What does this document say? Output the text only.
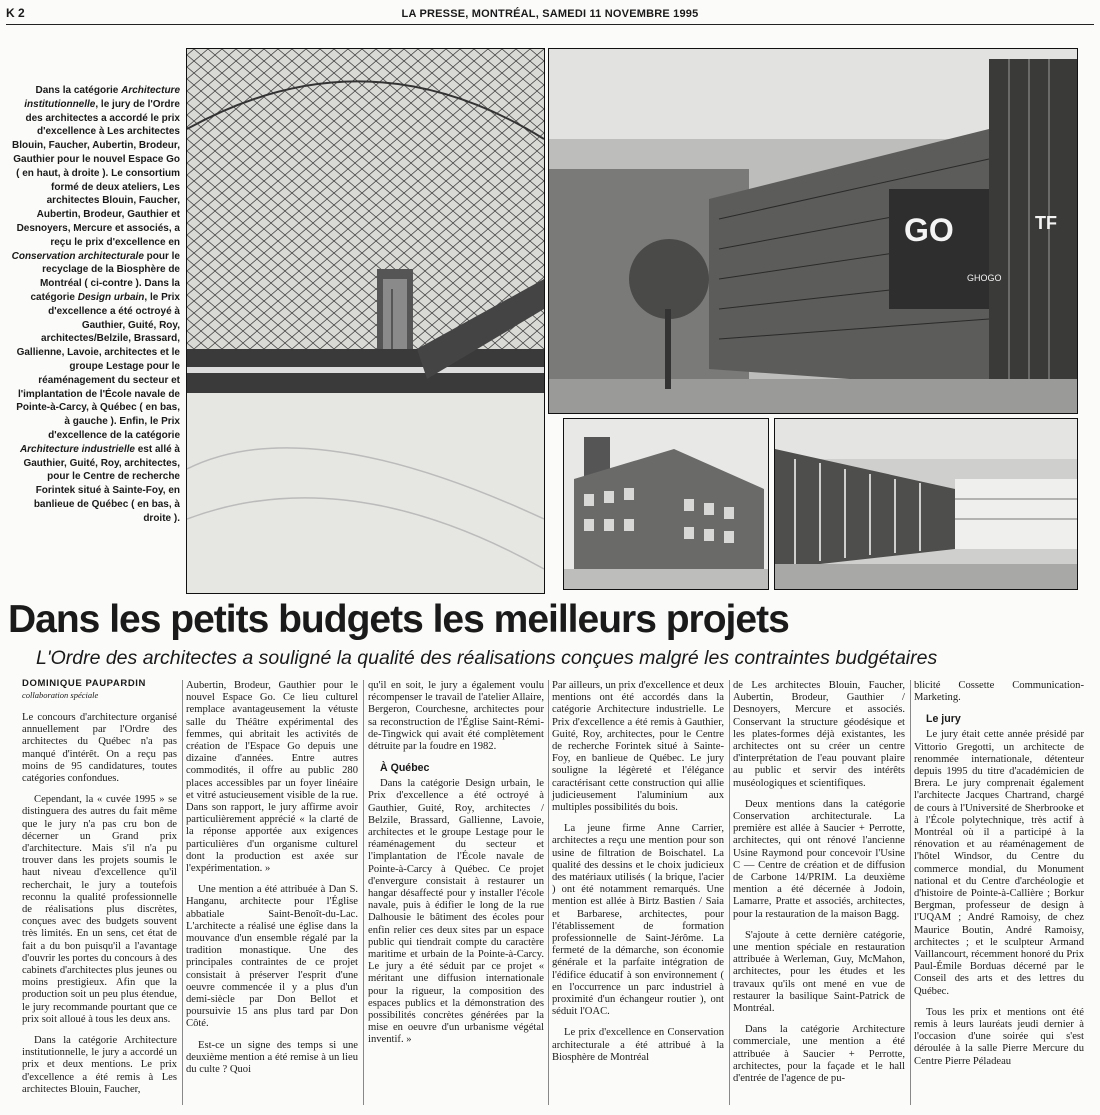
K 2	LA PRESSE, MONTRÉAL, SAMEDI 11 NOVEMBRE 1995
Dans la catégorie Architecture institutionnelle, le jury de l'Ordre des architectes a accordé le prix d'excellence à Les architectes Blouin, Faucher, Aubertin, Brodeur, Gauthier pour le nouvel Espace Go ( en haut, à droite ). Le consortium formé de deux ateliers, Les architectes Blouin, Faucher, Aubertin, Brodeur, Gauthier et Desnoyers, Mercure et associés, a reçu le prix d'excellence en Conservation architecturale pour le recyclage de la Biosphère de Montréal ( ci-contre ). Dans la catégorie Design urbain, le Prix d'excellence a été octroyé à Gauthier, Guité, Roy, architectes/Belzile, Brassard, Gallienne, Lavoie, architectes et le groupe Lestage pour le réaménagement du secteur et l'implantation de l'École navale de Pointe-à-Carcy, à Québec ( en bas, à gauche ). Enfin, le Prix d'excellence de la catégorie Architecture industrielle est allé à Gauthier, Guité, Roy, architectes, pour le Centre de recherche Forintek situé à Sainte-Foy, en banlieue de Québec ( en bas, à droite ).
GO	TF
GHOGO
Dans les petits budgets les meilleurs projets
L'Ordre des architectes a souligné la qualité des réalisations conçues malgré les contraintes budgétaires
DOMINIQUE PAUPARDIN
collaboration spéciale

Le concours d'architecture organisé annuellement par l'Ordre des architectes du Québec n'a pas manqué d'intérêt. On a reçu pas moins de 95 candidatures, toutes catégories confondues.

Cependant, la « cuvée 1995 » se distinguera des autres du fait même que le jury n'a pas cru bon de décerner un Grand prix d'architecture. Mais s'il n'a pu trouver dans les projets soumis le haut niveau d'excellence qu'il recherchait, le jury a toutefois reconnu la qualité professionnelle de réalisations plus discrètes, conçues avec des budgets souvent très limités. En un sens, cet état de fait a du bon puisqu'il a l'avantage d'ouvrir les portes du concours à des cabinets d'architectes plus jeunes ou moins prestigieux. Afin que la production soit un peu plus étendue, le jury recommande pourtant que ce prix soit alloué à tous les deux ans.

Dans la catégorie Architecture institutionnelle, le jury a accordé un prix et deux mentions. Le prix d'excellence a été remis à Les architectes Blouin, Faucher,

Aubertin, Brodeur, Gauthier pour le nouvel Espace Go. Ce lieu culturel remplace avantageusement la vétuste salle du Théâtre expérimental des femmes, qui abritait les activités de création de l'Espace Go depuis une dizaine d'années. Entre autres commodités, il offre au public 280 places accessibles par un foyer linéaire et vitré astucieusement visible de la rue. Dans son rapport, le jury affirme avoir particulièrement apprécié « la clarté de la réponse apportée aux exigences particulières d'un organisme culturel dont la production est axée sur l'expérimentation. »

Une mention a été attribuée à Dan S. Hanganu, architecte pour l'Église abbatiale Saint-Benoît-du-Lac. L'architecte a réalisé une église dans la mouvance d'un ensemble régalé par la tradition monastique. Une des principales contraintes de ce projet consistait à préserver l'esprit d'une oeuvre commencée il y a plus d'un demi-siècle par Don Bellot et poursuivie 15 ans plus tard par Don Côté.

Est-ce un signe des temps si une deuxième mention a été remise à un lieu du culte ? Quoi

qu'il en soit, le jury a également voulu récompenser le travail de l'atelier Allaire, Bergeron, Courchesne, architectes pour sa reconstruction de l'Église Saint-Rémi-de-Tingwick qui avait été complètement détruite par la foudre en 1982.

À Québec

Dans la catégorie Design urbain, le Prix d'excellence a été octroyé à Gauthier, Guité, Roy, architectes / Belzile, Brassard, Gallienne, Lavoie, architectes et le groupe Lestage pour le réaménagement du secteur et l'implantation de l'École navale de Pointe-à-Carcy à Québec. Ce projet d'envergure consistait à restaurer un hangar désaffecté pour y installer l'école navale, puis à édifier le long de la rue Dalhousie le bâtiment des écoles pour enfin relier ces deux sites par un espace public qui tiendrait compte du caractère maritime et urbain de la Pointe-à-Carcy. Le jury a été séduit par ce projet « méritant une diffusion internationale pour la rigueur, la composition des espaces publics et la démonstration des possibilités concrètes générées par la mise en oeuvre d'un urbanisme végétal inventif. »

Par ailleurs, un prix d'excellence et deux mentions ont été accordés dans la catégorie Architecture industrielle. Le Prix d'excellence a été remis à Gauthier, Guité, Roy, architectes, pour le Centre de recherche Forintek situé à Sainte-Foy, en banlieue de Québec. Le jury souligne la légèreté et l'élégance caractérisant cette construction qui allie judicieusement l'aluminium aux multiples possibilités du bois.

La jeune firme Anne Carrier, architectes a reçu une mention pour son usine de filtration de Boischatel. La qualité des dessins et le choix judicieux des matériaux utilisés ( la brique, l'acier ) ont été notamment remarqués. Une mention est allée à Birtz Bastien / Saia et Barbarese, architectes, pour l'établissement de formation professionnelle de Saint-Jérôme. La fermeté de la démarche, son économie générale et la parfaite intégration de l'édifice éducatif à son environnement ( en l'occurrence un parc industriel à proximité d'un échangeur routier ), ont séduit l'OAC.

Le prix d'excellence en Conservation architecturale a été attribué à la Biosphère de Montréal

de Les architectes Blouin, Faucher, Aubertin, Brodeur, Gauthier / Desnoyers, Mercure et associés. Conservant la structure géodésique et les plates-formes déjà existantes, les architectes ont su créer un centre d'interprétation de l'eau pouvant plaire au public et servir des intérêts muséologiques et scientifiques.

Deux mentions dans la catégorie Conservation architecturale. La première est allée à Saucier + Perrotte, architectes, qui ont rénové l'ancienne Usine Raymond pour concevoir l'Usine C — Centre de création et de diffusion de Carbone 14/PRIM. La deuxième mention a été décernée à Jodoin, Lamarre, Pratte et associés, architectes, pour la restauration de la maison Bagg.

S'ajoute à cette dernière catégorie, une mention spéciale en restauration attribuée à Werleman, Guy, McMahon, architectes, pour les études et les travaux qu'ils ont mené en vue de restaurer la basilique Saint-Patrick de Montréal.

Dans la catégorie Architecture commerciale, une mention a été attribuée à Saucier + Perrotte, architectes, pour la façade et le hall d'entrée de l'agence de pu-

blicité Cossette Communication-Marketing.

Le jury

Le jury était cette année présidé par Vittorio Gregotti, un architecte de renommée internationale, détenteur depuis 1995 du titre d'académicien de Brera. Le jury comprenait également l'architecte Jacques Chartrand, chargé de cours à l'Université de Sherbrooke et à l'École polytechnique, très actif à Montréal où il a participé à la rénovation et au réaménagement de l'hôtel Windsor, du Centre du commerce mondial, du Monument national et du Centre d'archéologie et d'histoire de Pointe-à-Callière ; Borkur Bergman, professeur de design à l'UQAM ; André Ramoisy, de chez Maurice Boutin, André Ramoisy, architectes ; et le sculpteur Armand Vaillancourt, récemment honoré du Prix Paul-Émile Borduas décerné par le Conseil des arts et des lettres du Québec.

Tous les prix et mentions ont été remis à leurs lauréats jeudi dernier à l'occasion d'une soirée qui s'est déroulée à la salle Pierre Mercure du Centre Pierre Péladeau
